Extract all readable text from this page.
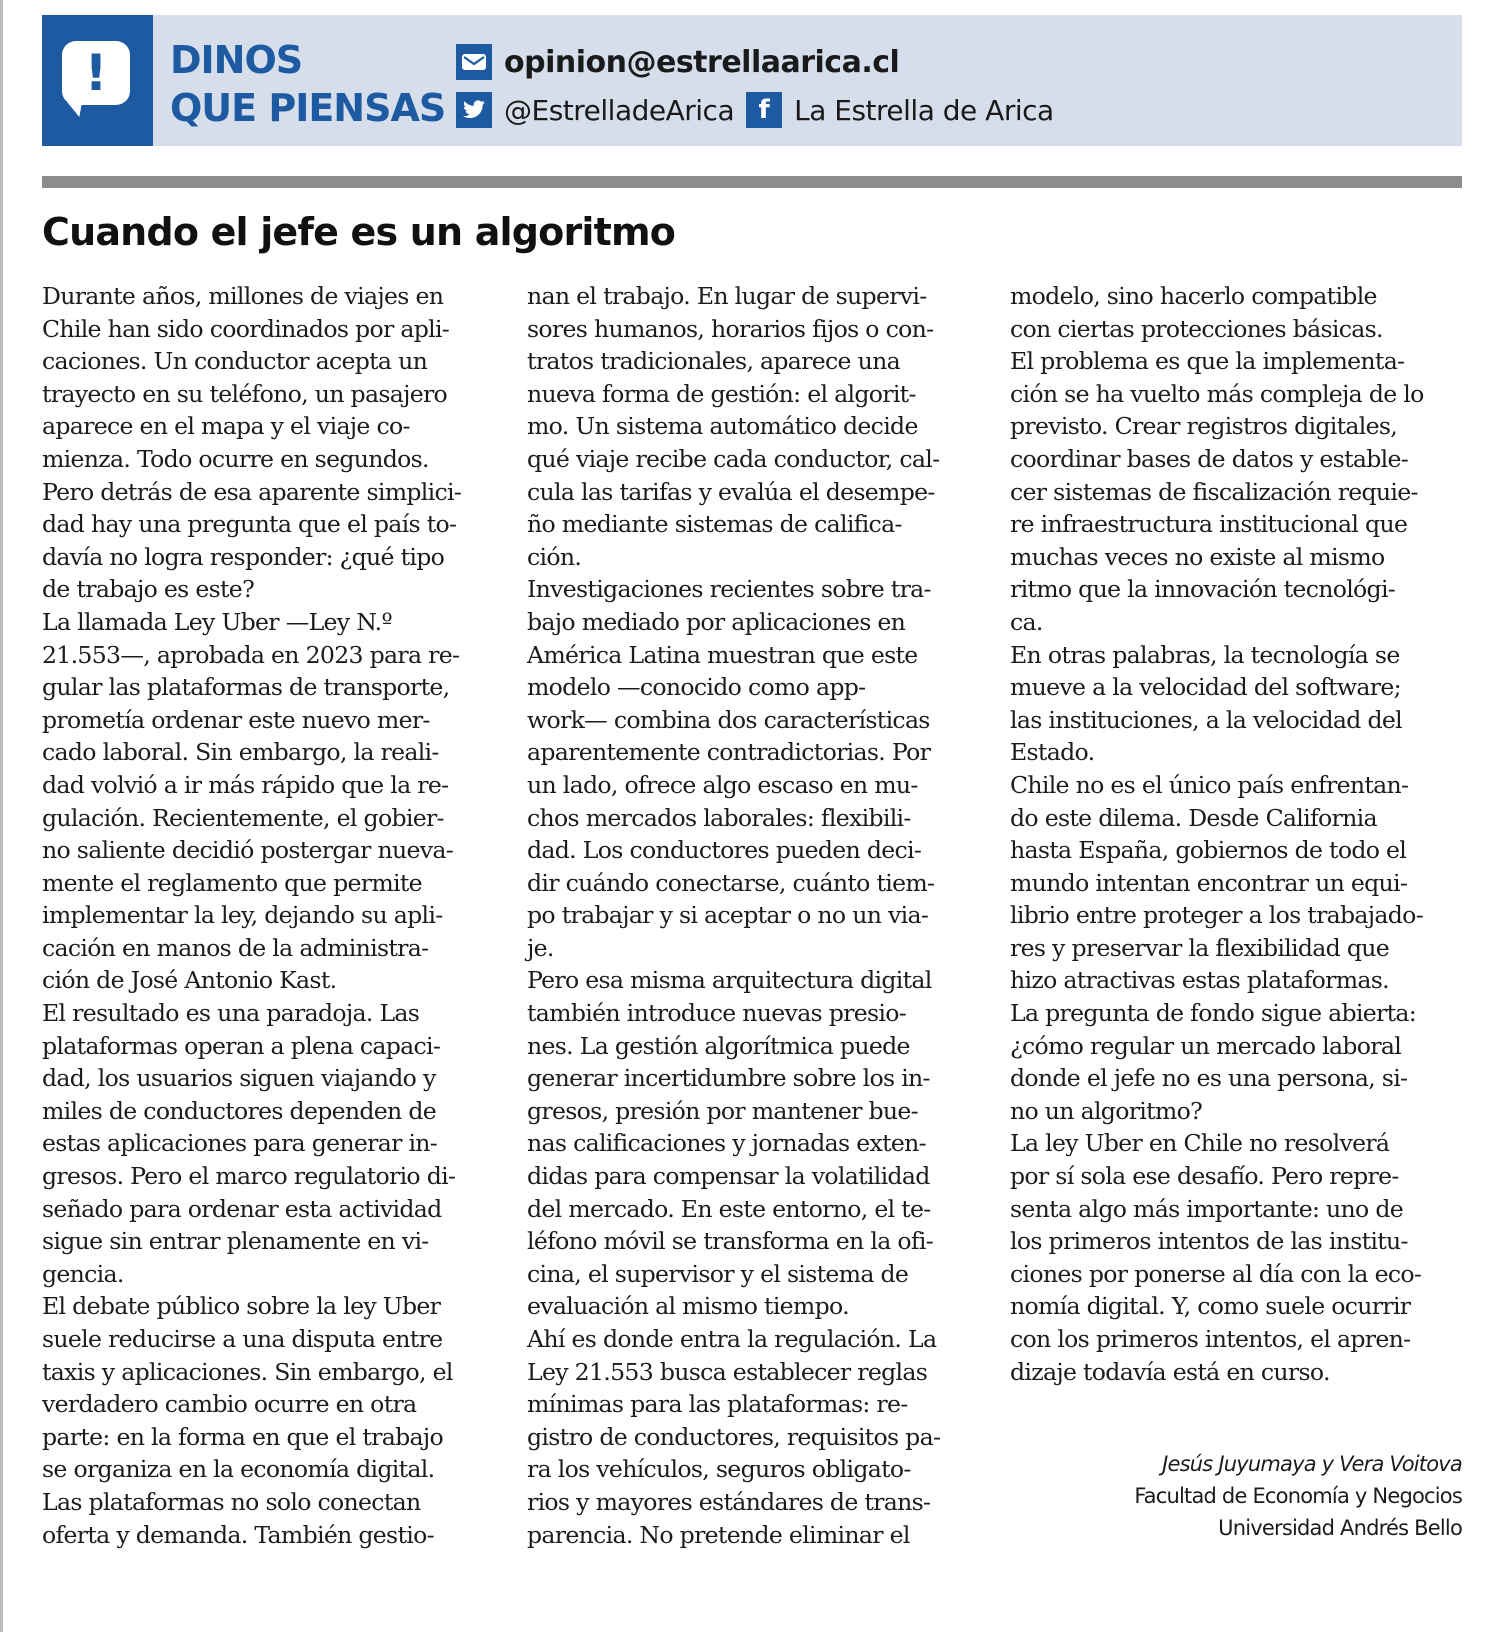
!	DINOS
QUE PIENSAS
opinion@estrellaarica.cl
@EstrelladeArica f La Estrella de Arica
Cuando el jefe es un algoritmo
Durante años, millones de viajes en
Chile han sido coordinados por apli-
caciones. Un conductor acepta un
trayecto en su teléfono, un pasajero
aparece en el mapa y el viaje co-
mienza. Todo ocurre en segundos.
Pero detrás de esa aparente simplici-
dad hay una pregunta que el país to-
davía no logra responder: ¿qué tipo
de trabajo es este?
La llamada Ley Uber —Ley N.º
21.553—, aprobada en 2023 para re-
gular las plataformas de transporte,
prometía ordenar este nuevo mer-
cado laboral. Sin embargo, la reali-
dad volvió a ir más rápido que la re-
gulación. Recientemente, el gobier-
no saliente decidió postergar nueva-
mente el reglamento que permite
implementar la ley, dejando su apli-
cación en manos de la administra-
ción de José Antonio Kast.
El resultado es una paradoja. Las
plataformas operan a plena capaci-
dad, los usuarios siguen viajando y
miles de conductores dependen de
estas aplicaciones para generar in-
gresos. Pero el marco regulatorio di-
señado para ordenar esta actividad
sigue sin entrar plenamente en vi-
gencia.
El debate público sobre la ley Uber
suele reducirse a una disputa entre
taxis y aplicaciones. Sin embargo, el
verdadero cambio ocurre en otra
parte: en la forma en que el trabajo
se organiza en la economía digital.
Las plataformas no solo conectan
oferta y demanda. También gestio-
nan el trabajo. En lugar de supervi-
sores humanos, horarios fijos o con-
tratos tradicionales, aparece una
nueva forma de gestión: el algorit-
mo. Un sistema automático decide
qué viaje recibe cada conductor, cal-
cula las tarifas y evalúa el desempe-
ño mediante sistemas de califica-
ción.
Investigaciones recientes sobre tra-
bajo mediado por aplicaciones en
América Latina muestran que este
modelo —conocido como app-
work— combina dos características
aparentemente contradictorias. Por
un lado, ofrece algo escaso en mu-
chos mercados laborales: flexibili-
dad. Los conductores pueden deci-
dir cuándo conectarse, cuánto tiem-
po trabajar y si aceptar o no un via-
je.
Pero esa misma arquitectura digital
también introduce nuevas presio-
nes. La gestión algorítmica puede
generar incertidumbre sobre los in-
gresos, presión por mantener bue-
nas calificaciones y jornadas exten-
didas para compensar la volatilidad
del mercado. En este entorno, el te-
léfono móvil se transforma en la ofi-
cina, el supervisor y el sistema de
evaluación al mismo tiempo.
Ahí es donde entra la regulación. La
Ley 21.553 busca establecer reglas
mínimas para las plataformas: re-
gistro de conductores, requisitos pa-
ra los vehículos, seguros obligato-
rios y mayores estándares de trans-
parencia. No pretende eliminar el
modelo, sino hacerlo compatible
con ciertas protecciones básicas.
El problema es que la implementa-
ción se ha vuelto más compleja de lo
previsto. Crear registros digitales,
coordinar bases de datos y estable-
cer sistemas de fiscalización requie-
re infraestructura institucional que
muchas veces no existe al mismo
ritmo que la innovación tecnológi-
ca.
En otras palabras, la tecnología se
mueve a la velocidad del software;
las instituciones, a la velocidad del
Estado.
Chile no es el único país enfrentan-
do este dilema. Desde California
hasta España, gobiernos de todo el
mundo intentan encontrar un equi-
librio entre proteger a los trabajado-
res y preservar la flexibilidad que
hizo atractivas estas plataformas.
La pregunta de fondo sigue abierta:
¿cómo regular un mercado laboral
donde el jefe no es una persona, si-
no un algoritmo?
La ley Uber en Chile no resolverá
por sí sola ese desafío. Pero repre-
senta algo más importante: uno de
los primeros intentos de las institu-
ciones por ponerse al día con la eco-
nomía digital. Y, como suele ocurrir
con los primeros intentos, el apren-
dizaje todavía está en curso.
Jesús Juyumaya y Vera Voitova
Facultad de Economía y Negocios
Universidad Andrés Bello
